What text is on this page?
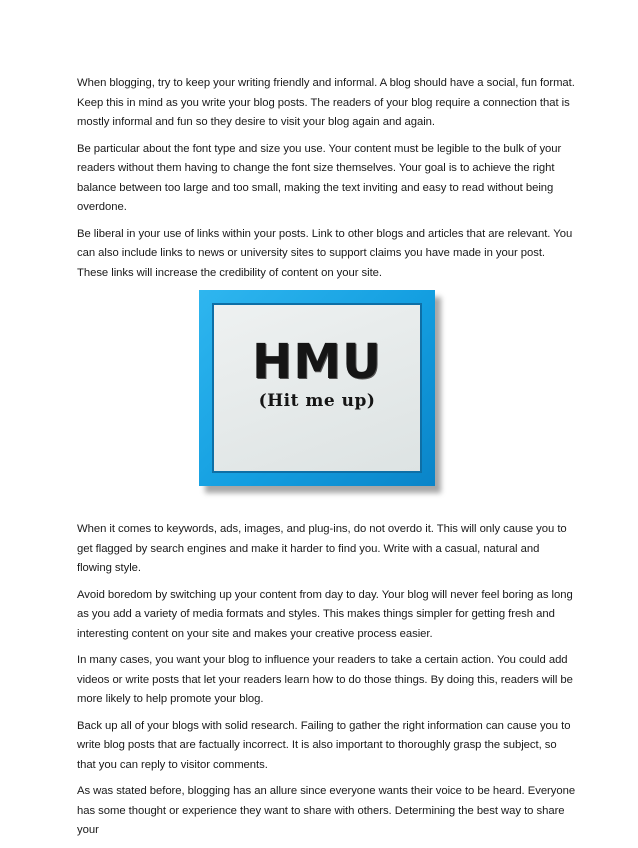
When blogging, try to keep your writing friendly and informal. A blog should have a social, fun format. Keep this in mind as you write your blog posts. The readers of your blog require a connection that is mostly informal and fun so they desire to visit your blog again and again.

Be particular about the font type and size you use. Your content must be legible to the bulk of your readers without them having to change the font size themselves. Your goal is to achieve the right balance between too large and too small, making the text inviting and easy to read without being overdone.

Be liberal in your use of links within your posts. Link to other blogs and articles that are relevant. You can also include links to news or university sites to support claims you have made in your post. These links will increase the credibility of content on your site.

HMU
(Hit me up)

When it comes to keywords, ads, images, and plug-ins, do not overdo it. This will only cause you to get flagged by search engines and make it harder to find you. Write with a casual, natural and flowing style.

Avoid boredom by switching up your content from day to day. Your blog will never feel boring as long as you add a variety of media formats and styles. This makes things simpler for getting fresh and interesting content on your site and makes your creative process easier.

In many cases, you want your blog to influence your readers to take a certain action. You could add videos or write posts that let your readers learn how to do those things. By doing this, readers will be more likely to help promote your blog.

Back up all of your blogs with solid research. Failing to gather the right information can cause you to write blog posts that are factually incorrect. It is also important to thoroughly grasp the subject, so that you can reply to visitor comments.

As was stated before, blogging has an allure since everyone wants their voice to be heard. Everyone has some thought or experience they want to share with others. Determining the best way to share your
